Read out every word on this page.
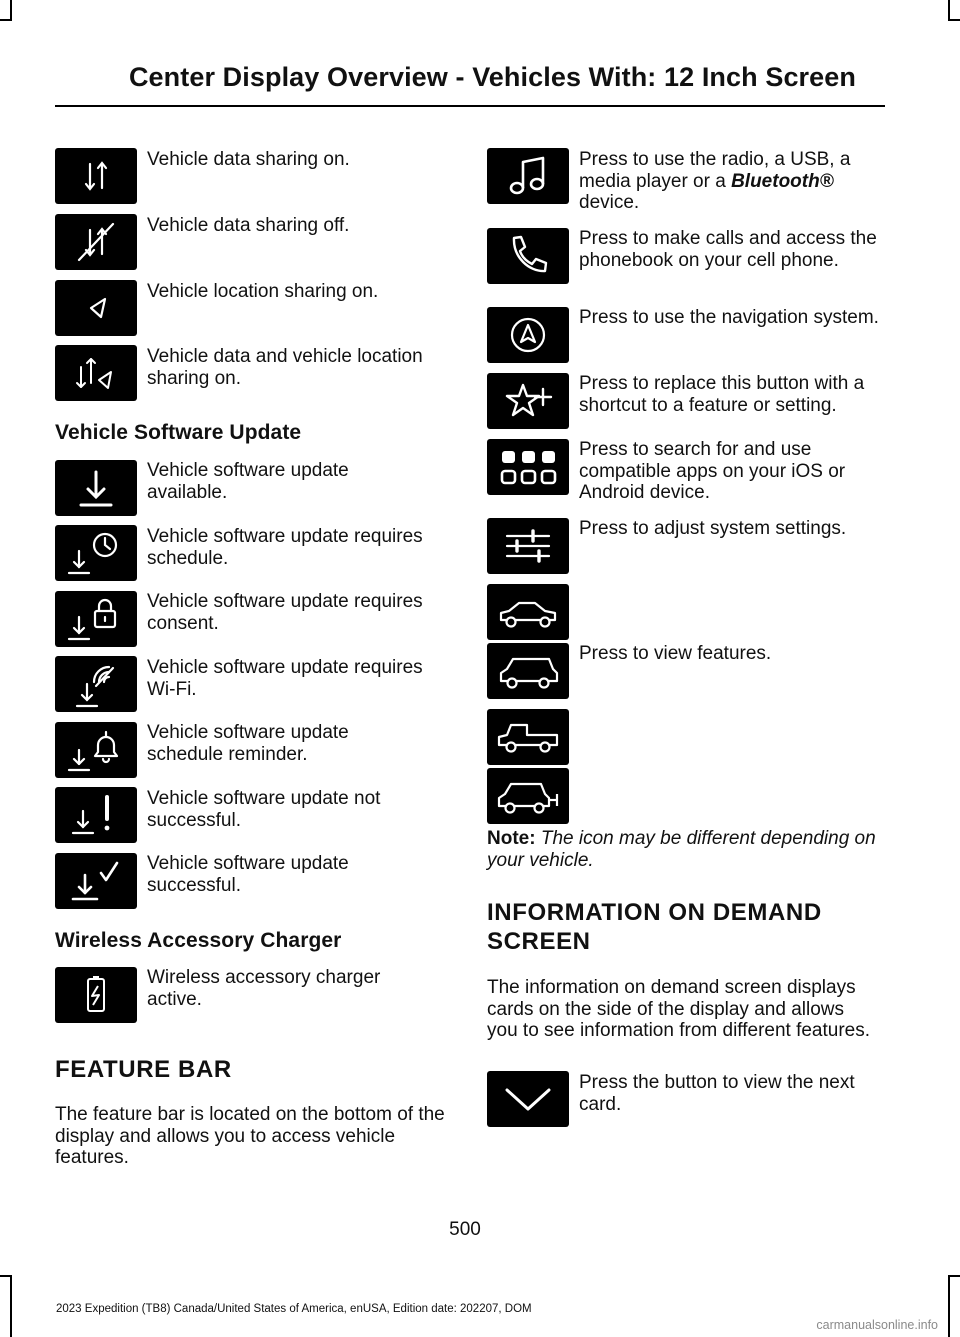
Center Display Overview - Vehicles With: 12 Inch Screen

Vehicle data sharing on.

Vehicle data sharing off.

Vehicle location sharing on.

Vehicle data and vehicle location sharing on.

Vehicle Software Update

Vehicle software update available.

Vehicle software update requires schedule.

Vehicle software update requires consent.

Vehicle software update requires Wi-Fi.

Vehicle software update schedule reminder.

Vehicle software update not successful.

Vehicle software update successful.

Wireless Accessory Charger

Wireless accessory charger active.

FEATURE BAR

The feature bar is located on the bottom of the display and allows you to access vehicle features.

Press to use the radio, a USB, a media player or a Bluetooth® device.

Press to make calls and access the phonebook on your cell phone.

Press to use the navigation system.

Press to replace this button with a shortcut to a feature or setting.

Press to search for and use compatible apps on your iOS or Android device.

Press to adjust system settings.

Press to view features.

Note: The icon may be different depending on your vehicle.

INFORMATION ON DEMAND
SCREEN

The information on demand screen displays cards on the side of the display and allows you to see information from different features.

Press the button to view the next card.

500

2023 Expedition (TB8) Canada/United States of America, enUSA, Edition date: 202207, DOM

carmanualsonline.info
